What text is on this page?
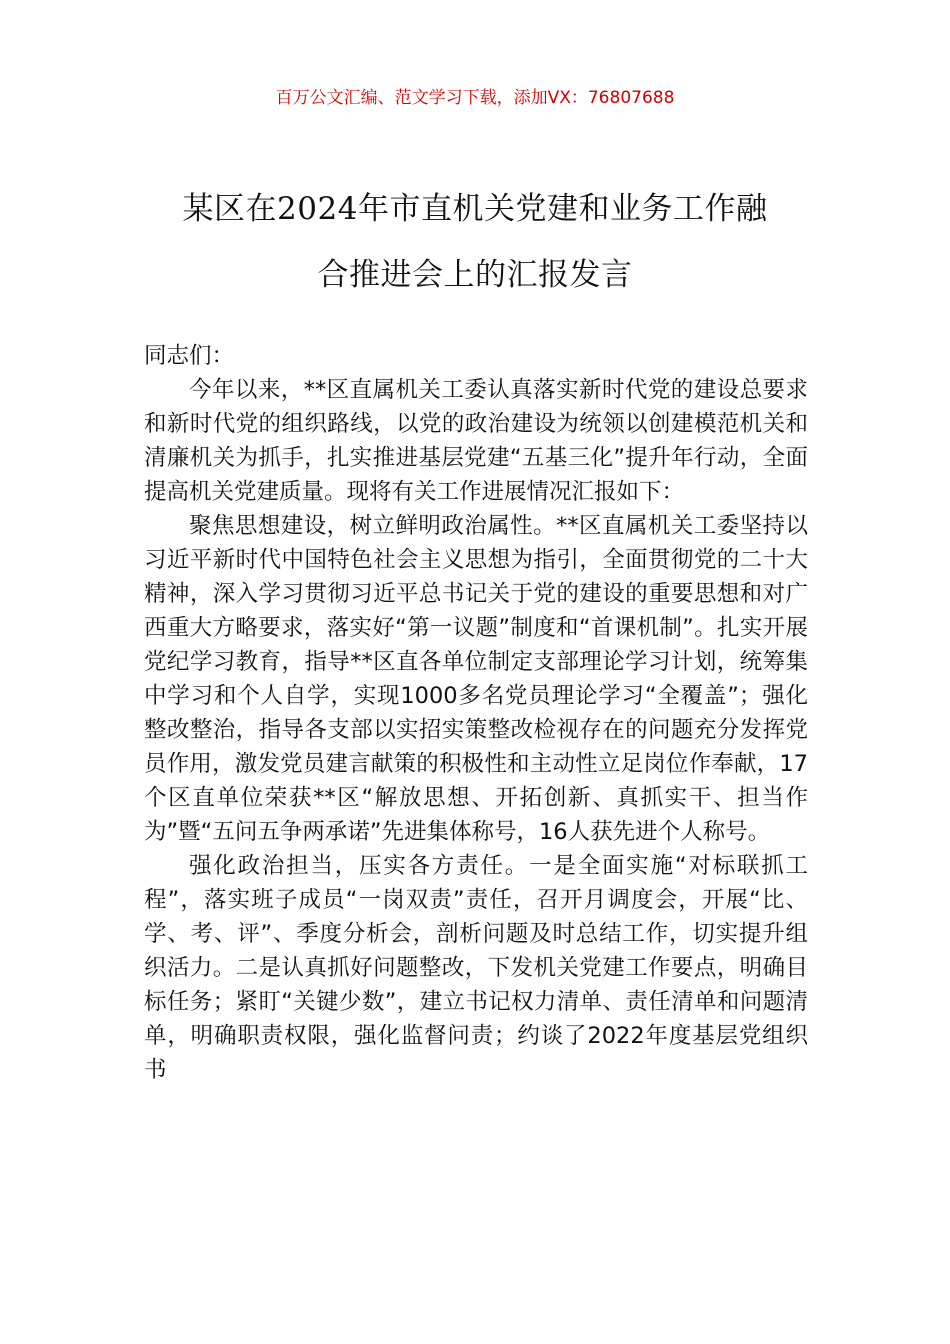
百万公文汇编、范文学习下载，添加VX：76807688
某区在2024年市直机关党建和业务工作融
合推进会上的汇报发言

同志们：

今年以来，**区直属机关工委认真落实新时代党的建设总要求和新时代党的组织路线，以党的政治建设为统领以创建模范机关和清廉机关为抓手，扎实推进基层党建“五基三化”提升年行动，全面提高机关党建质量。现将有关工作进展情况汇报如下：

聚焦思想建设，树立鲜明政治属性。**区直属机关工委坚持以习近平新时代中国特色社会主义思想为指引，全面贯彻党的二十大精神，深入学习贯彻习近平总书记关于党的建设的重要思想和对广西重大方略要求，落实好“第一议题”制度和“首课机制”。扎实开展党纪学习教育，指导**区直各单位制定支部理论学习计划，统筹集中学习和个人自学，实现1000多名党员理论学习“全覆盖”；强化整改整治，指导各支部以实招实策整改检视存在的问题充分发挥党员作用，激发党员建言献策的积极性和主动性立足岗位作奉献，17个区直单位荣获**区“解放思想、开拓创新、真抓实干、担当作为”暨“五问五争两承诺”先进集体称号，16人获先进个人称号。

强化政治担当，压实各方责任。一是全面实施“对标联抓工程”，落实班子成员“一岗双责”责任，召开月调度会，开展“比、学、考、评”、季度分析会，剖析问题及时总结工作，切实提升组织活力。二是认真抓好问题整改，下发机关党建工作要点，明确目标任务；紧盯“关键少数”，建立书记权力清单、责任清单和问题清单，明确职责权限，强化监督问责；约谈了2022年度基层党组织书
